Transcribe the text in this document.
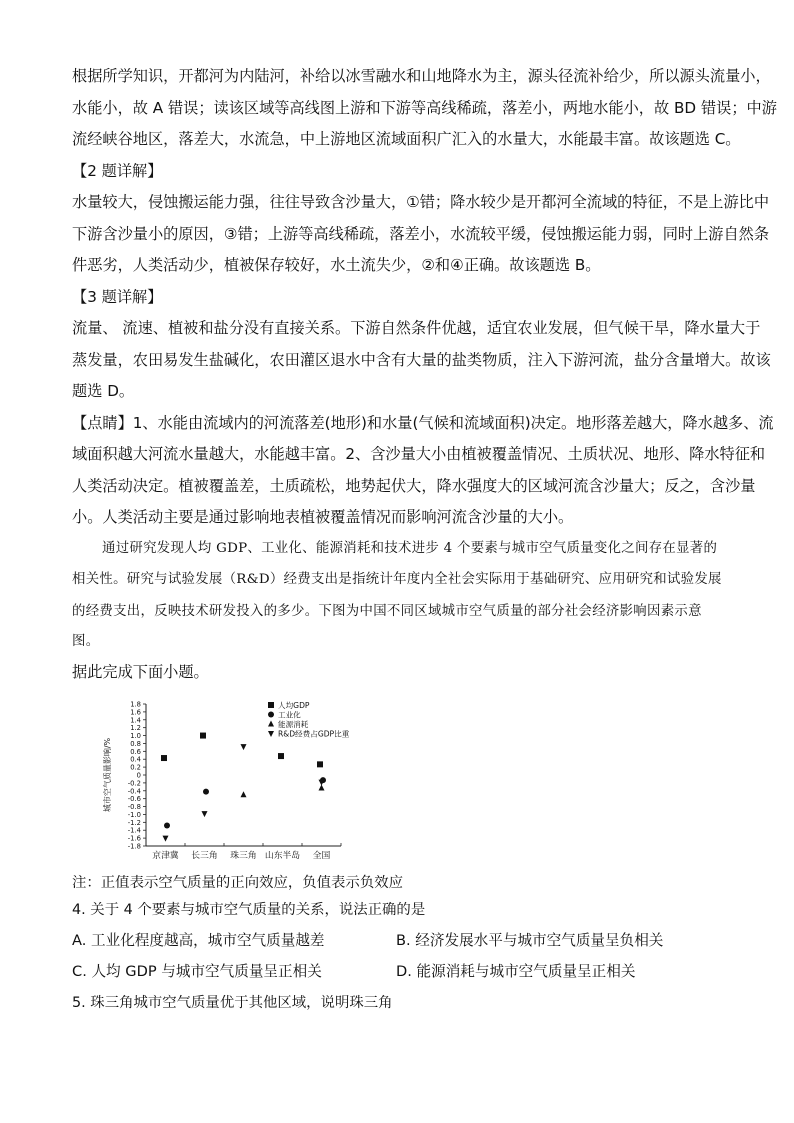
根据所学知识，开都河为内陆河，补给以冰雪融水和山地降水为主，源头径流补给少，所以源头流量小，
水能小，故 A 错误；读该区域等高线图上游和下游等高线稀疏，落差小，两地水能小，故 BD 错误；中游
流经峡谷地区，落差大，水流急，中上游地区流域面积广汇入的水量大，水能最丰富。故该题选 C。
【2 题详解】
水量较大，侵蚀搬运能力强，往往导致含沙量大，①错；降水较少是开都河全流域的特征，不是上游比中
下游含沙量小的原因，③错；上游等高线稀疏，落差小，水流较平缓，侵蚀搬运能力弱，同时上游自然条
件恶劣，人类活动少，植被保存较好，水土流失少，②和④正确。故该题选 B。
【3 题详解】
流量、 流速、植被和盐分没有直接关系。下游自然条件优越，适宜农业发展，但气候干旱，降水量大于
蒸发量，农田易发生盐碱化，农田灌区退水中含有大量的盐类物质，注入下游河流，盐分含量增大。故该
题选 D。
【点睛】1、水能由流域内的河流落差(地形)和水量(气候和流域面积)决定。地形落差越大，降水越多、流
域面积越大河流水量越大，水能越丰富。2、含沙量大小由植被覆盖情况、土质状况、地形、降水特征和
人类活动决定。植被覆盖差，土质疏松，地势起伏大，降水强度大的区域河流含沙量大；反之，含沙量
小。人类活动主要是通过影响地表植被覆盖情况而影响河流含沙量的大小。
通过研究发现人均 GDP、工业化、能源消耗和技术进步 4 个要素与城市空气质量变化之间存在显著的
相关性。研究与试验发展（R&D）经费支出是指统计年度内全社会实际用于基础研究、应用研究和试验发展
的经费支出，反映技术研发投入的多少。下图为中国不同区域城市空气质量的部分社会经济影响因素示意
图。
据此完成下面小题。
1.8
1.6
1.4
1.2
1.0
0.8
0.6
0.4
0.2
0
-0.2
-0.4
-0.6
-0.8
-1.0
-1.2
-1.4
-1.6
-1.8
京津冀 长三角 珠三角 山东半岛 全国
城市空气质量影响/%
人均GDP
工业化
能源消耗
R&D经费占GDP比重
注：正值表示空气质量的正向效应，负值表示负效应
4. 关于 4 个要素与城市空气质量的关系，说法正确的是
A. 工业化程度越高，城市空气质量越差	B. 经济发展水平与城市空气质量呈负相关
C. 人均 GDP 与城市空气质量呈正相关	D. 能源消耗与城市空气质量呈正相关
5. 珠三角城市空气质量优于其他区域，说明珠三角
